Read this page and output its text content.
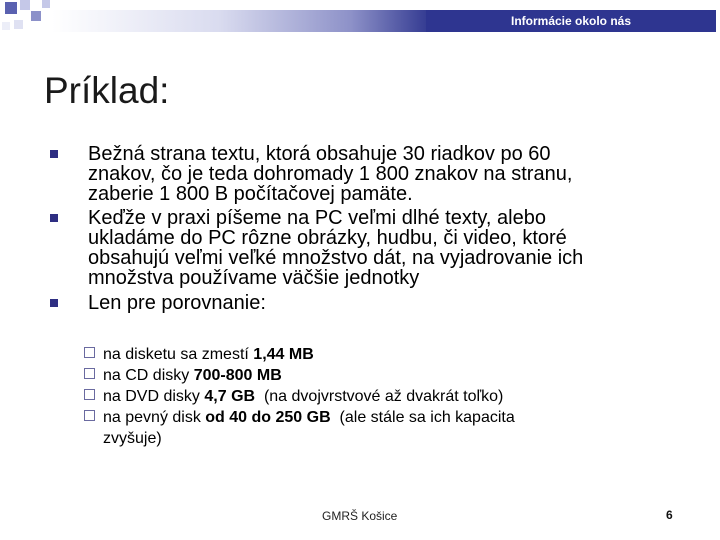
Informácie okolo nás
Príklad:
Bežná strana textu, ktorá obsahuje 30 riadkov po 60
znakov, čo je teda dohromady 1 800 znakov na stranu,
zaberie 1 800 B počítačovej pamäte.
Keďže v praxi píšeme na PC veľmi dlhé texty, alebo
ukladáme do PC rôzne obrázky, hudbu, či video, ktoré
obsahujú veľmi veľké množstvo dát, na vyjadrovanie ich
množstva používame väčšie jednotky
Len pre porovnanie:
na disketu sa zmestí 1,44 MB
na CD disky 700-800 MB
na DVD disky 4,7 GB  (na dvojvrstvové až dvakrát toľko)
na pevný disk od 40 do 250 GB  (ale stále sa ich kapacita
zvyšuje)
GMRŠ Košice	6
